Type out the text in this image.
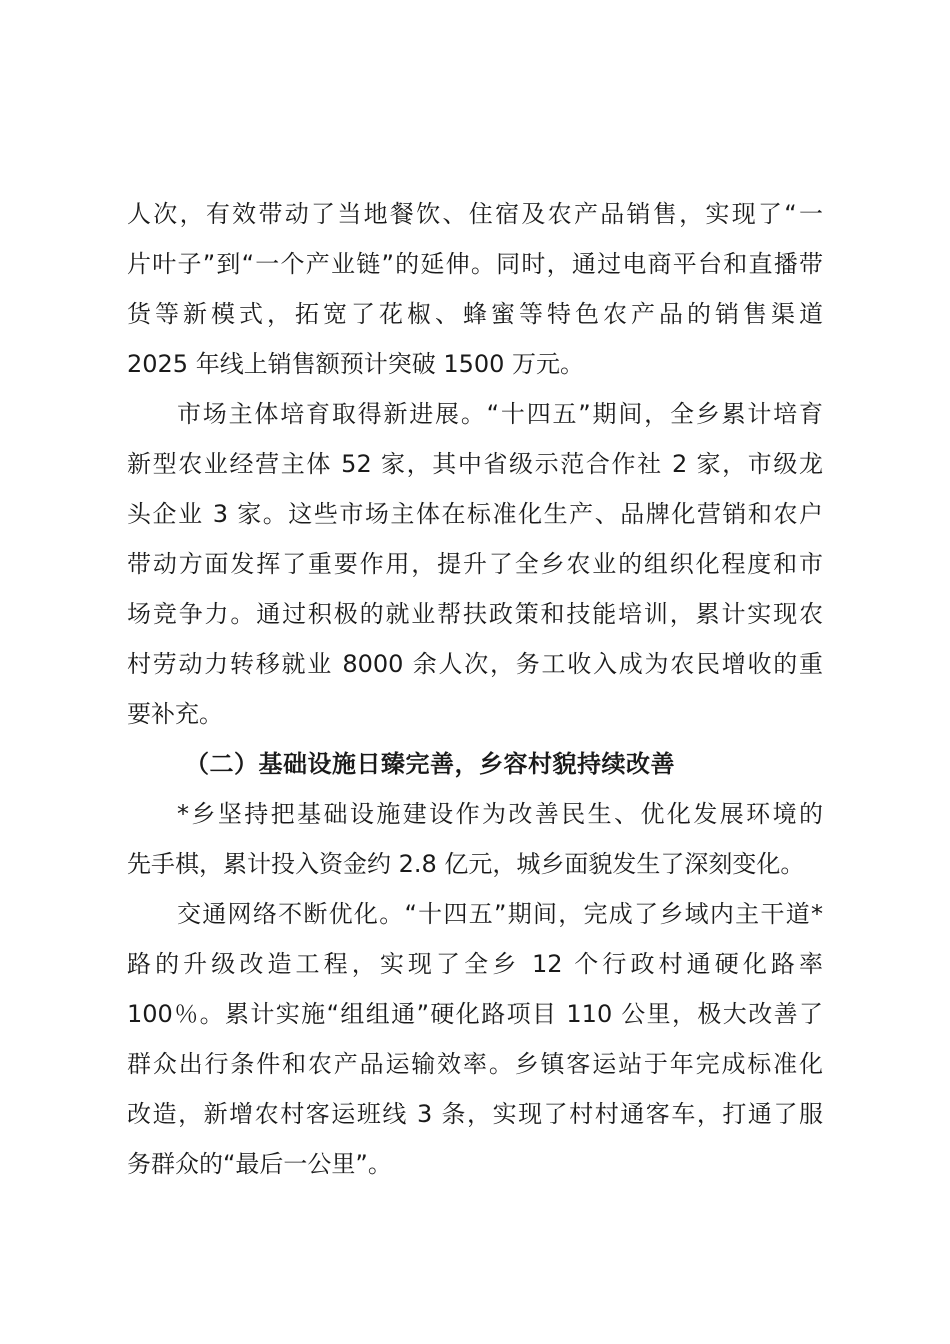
人次，有效带动了当地餐饮、住宿及农产品销售，实现了“一
片叶子”到“一个产业链”的延伸。同时，通过电商平台和直播带
货等新模式，拓宽了花椒、蜂蜜等特色农产品的销售渠道
2025 年线上销售额预计突破 1500 万元。
市场主体培育取得新进展。“十四五”期间，全乡累计培育
新型农业经营主体 52 家，其中省级示范合作社 2 家，市级龙
头企业 3 家。这些市场主体在标准化生产、品牌化营销和农户
带动方面发挥了重要作用，提升了全乡农业的组织化程度和市
场竞争力。通过积极的就业帮扶政策和技能培训，累计实现农
村劳动力转移就业 8000 余人次，务工收入成为农民增收的重
要补充。
（二）基础设施日臻完善，乡容村貌持续改善
*乡坚持把基础设施建设作为改善民生、优化发展环境的
先手棋，累计投入资金约 2.8 亿元，城乡面貌发生了深刻变化。
交通网络不断优化。“十四五”期间，完成了乡域内主干道*
路的升级改造工程，实现了全乡 12 个行政村通硬化路率
100％。累计实施“组组通”硬化路项目 110 公里，极大改善了
群众出行条件和农产品运输效率。乡镇客运站于年完成标准化
改造，新增农村客运班线 3 条，实现了村村通客车，打通了服
务群众的“最后一公里”。
